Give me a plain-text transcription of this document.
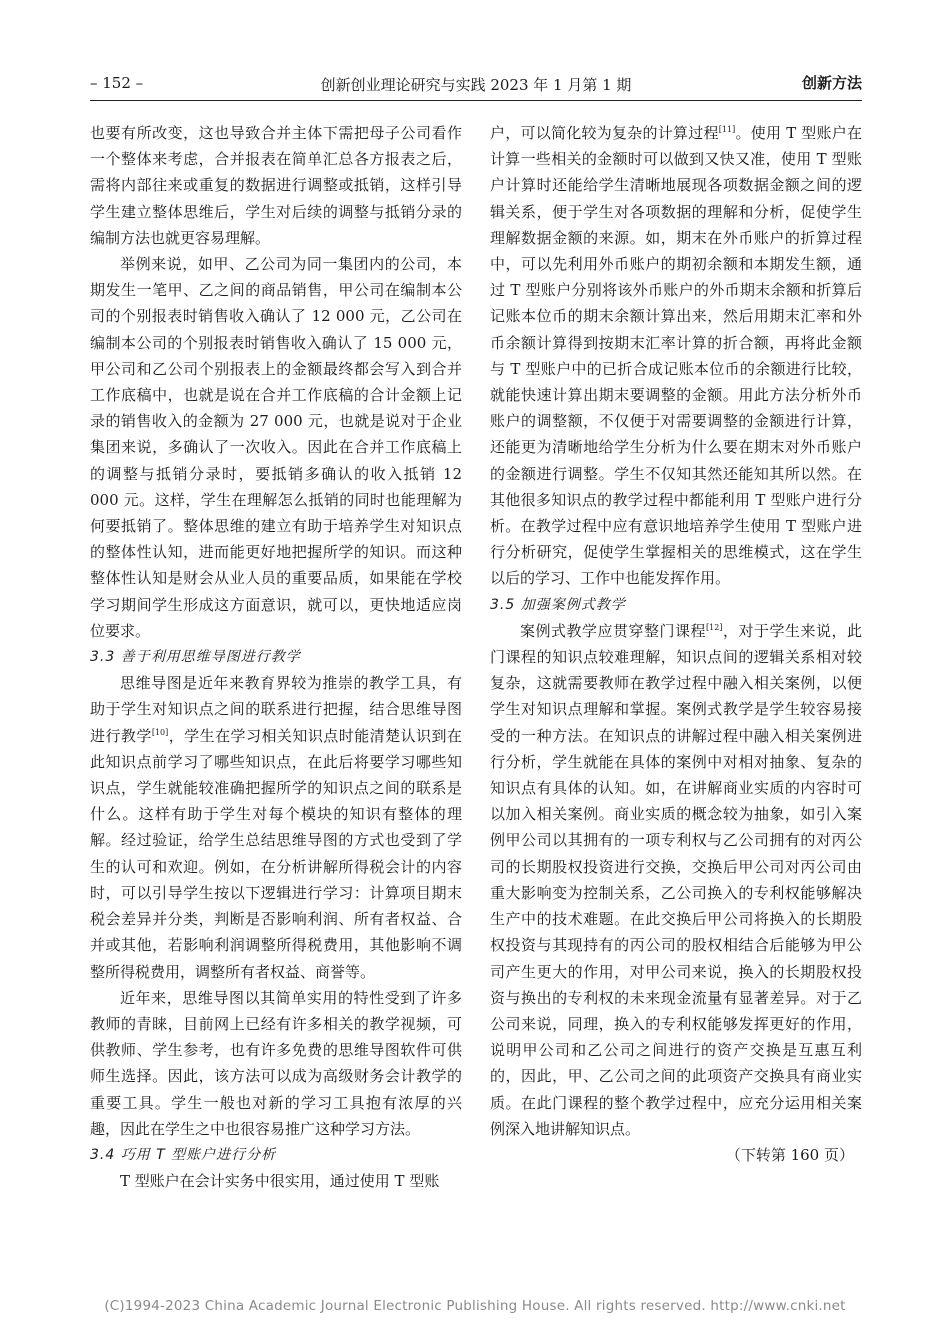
– 152 –	创新创业理论研究与实践 2023 年 1 月第 1 期	创新方法

也要有所改变，这也导致合并主体下需把母子公司看作一个整体来考虑，合并报表在简单汇总各方报表之后，需将内部往来或重复的数据进行调整或抵销，这样引导学生建立整体思维后，学生对后续的调整与抵销分录的编制方法也就更容易理解。

举例来说，如甲、乙公司为同一集团内的公司，本期发生一笔甲、乙之间的商品销售，甲公司在编制本公司的个别报表时销售收入确认了 12 000 元，乙公司在编制本公司的个别报表时销售收入确认了 15 000 元，甲公司和乙公司个别报表上的金额最终都会写入到合并工作底稿中，也就是说在合并工作底稿的合计金额上记录的销售收入的金额为 27 000 元，也就是说对于企业集团来说，多确认了一次收入。因此在合并工作底稿上的调整与抵销分录时，要抵销多确认的收入抵销 12 000 元。这样，学生在理解怎么抵销的同时也能理解为何要抵销了。整体思维的建立有助于培养学生对知识点的整体性认知，进而能更好地把握所学的知识。而这种整体性认知是财会从业人员的重要品质，如果能在学校学习期间学生形成这方面意识，就可以，更快地适应岗位要求。

3.3 善于利用思维导图进行教学

思维导图是近年来教育界较为推崇的教学工具，有助于学生对知识点之间的联系进行把握，结合思维导图进行教学[10]，学生在学习相关知识点时能清楚认识到在此知识点前学习了哪些知识点，在此后将要学习哪些知识点，学生就能较准确把握所学的知识点之间的联系是什么。这样有助于学生对每个模块的知识有整体的理解。经过验证，给学生总结思维导图的方式也受到了学生的认可和欢迎。例如，在分析讲解所得税会计的内容时，可以引导学生按以下逻辑进行学习：计算项目期末税会差异并分类，判断是否影响利润、所有者权益、合并或其他，若影响利润调整所得税费用，其他影响不调整所得税费用，调整所有者权益、商誉等。

近年来，思维导图以其简单实用的特性受到了许多教师的青睐，目前网上已经有许多相关的教学视频，可供教师、学生参考，也有许多免费的思维导图软件可供师生选择。因此，该方法可以成为高级财务会计教学的重要工具。学生一般也对新的学习工具抱有浓厚的兴趣，因此在学生之中也很容易推广这种学习方法。

3.4 巧用 T 型账户进行分析

T 型账户在会计实务中很实用，通过使用 T 型账

户，可以简化较为复杂的计算过程[11]。使用 T 型账户在计算一些相关的金额时可以做到又快又准，使用 T 型账户计算时还能给学生清晰地展现各项数据金额之间的逻辑关系，便于学生对各项数据的理解和分析，促使学生理解数据金额的来源。如，期末在外币账户的折算过程中，可以先利用外币账户的期初余额和本期发生额，通过 T 型账户分别将该外币账户的外币期末余额和折算后记账本位币的期末余额计算出来，然后用期末汇率和外币余额计算得到按期末汇率计算的折合额，再将此金额与 T 型账户中的已折合成记账本位币的余额进行比较，就能快速计算出期末要调整的金额。用此方法分析外币账户的调整额，不仅便于对需要调整的金额进行计算，还能更为清晰地给学生分析为什么要在期末对外币账户的金额进行调整。学生不仅知其然还能知其所以然。在其他很多知识点的教学过程中都能利用 T 型账户进行分析。在教学过程中应有意识地培养学生使用 T 型账户进行分析研究，促使学生掌握相关的思维模式，这在学生以后的学习、工作中也能发挥作用。

3.5 加强案例式教学

案例式教学应贯穿整门课程[12]，对于学生来说，此门课程的知识点较难理解，知识点间的逻辑关系相对较复杂，这就需要教师在教学过程中融入相关案例，以便学生对知识点理解和掌握。案例式教学是学生较容易接受的一种方法。在知识点的讲解过程中融入相关案例进行分析，学生就能在具体的案例中对相对抽象、复杂的知识点有具体的认知。如，在讲解商业实质的内容时可以加入相关案例。商业实质的概念较为抽象，如引入案例甲公司以其拥有的一项专利权与乙公司拥有的对丙公司的长期股权投资进行交换，交换后甲公司对丙公司由重大影响变为控制关系，乙公司换入的专利权能够解决生产中的技术难题。在此交换后甲公司将换入的长期股权投资与其现持有的丙公司的股权相结合后能够为甲公司产生更大的作用，对甲公司来说，换入的长期股权投资与换出的专利权的未来现金流量有显著差异。对于乙公司来说，同理，换入的专利权能够发挥更好的作用，说明甲公司和乙公司之间进行的资产交换是互惠互利的，因此，甲、乙公司之间的此项资产交换具有商业实质。在此门课程的整个教学过程中，应充分运用相关案例深入地讲解知识点。

（下转第 160 页）

(C)1994-2023 China Academic Journal Electronic Publishing House. All rights reserved. http://www.cnki.net
